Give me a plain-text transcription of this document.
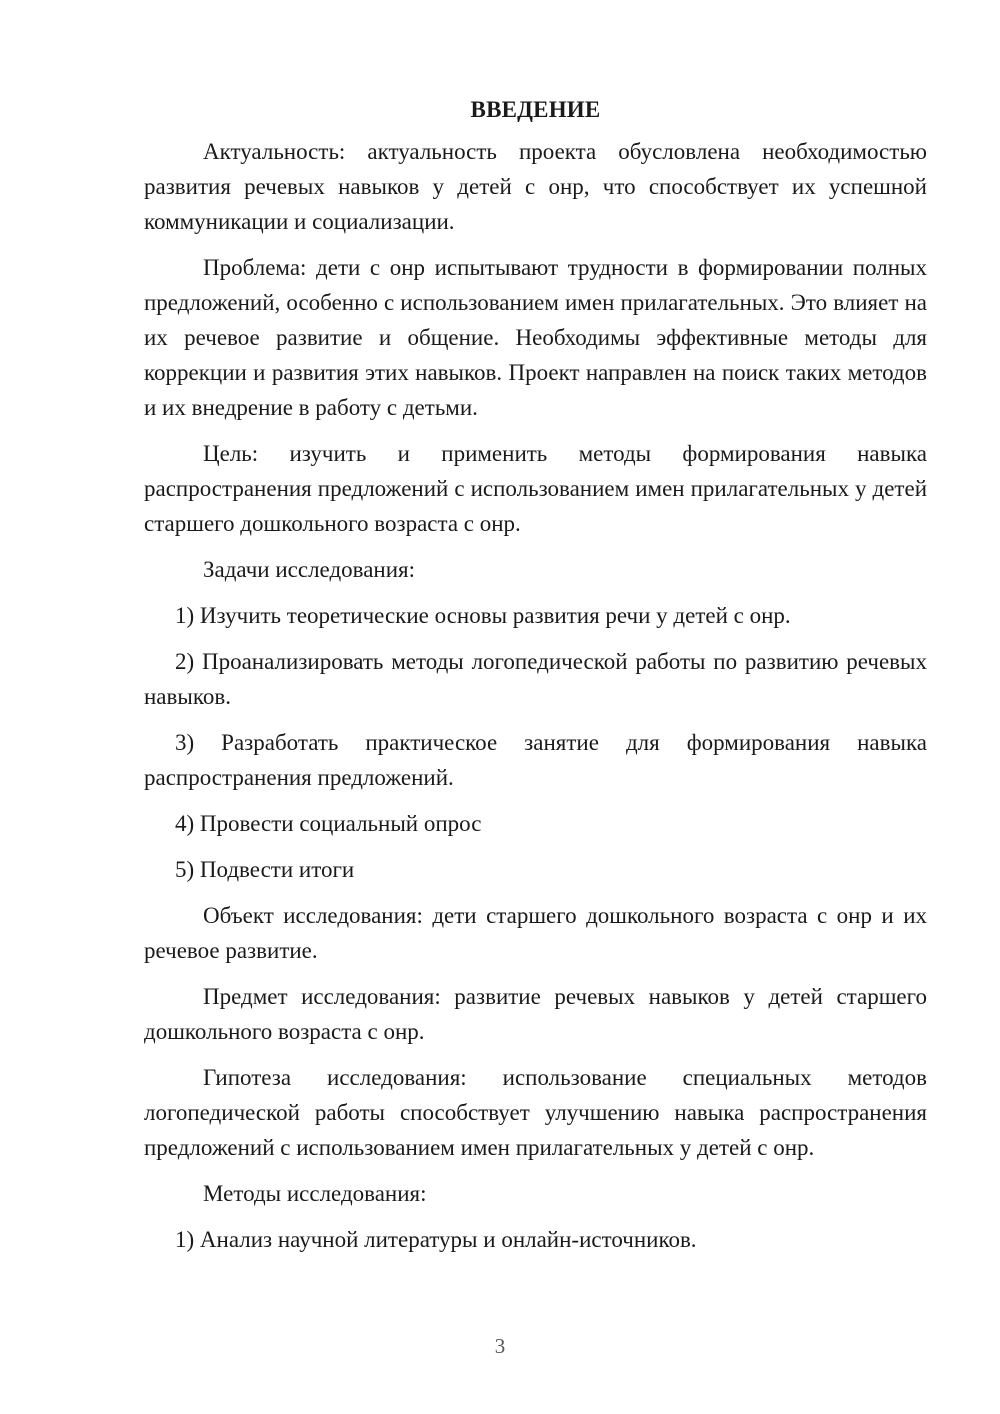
ВВЕДЕНИЕ

Актуальность: актуальность проекта обусловлена необходимостью развития речевых навыков у детей с онр, что способствует их успешной коммуникации и социализации.

Проблема: дети с онр испытывают трудности в формировании полных предложений, особенно с использованием имен прилагательных. Это влияет на их речевое развитие и общение. Необходимы эффективные методы для коррекции и развития этих навыков. Проект направлен на поиск таких методов и их внедрение в работу с детьми.

Цель: изучить и применить методы формирования навыка распространения предложений с использованием имен прилагательных у детей старшего дошкольного возраста с онр.

Задачи исследования:

1) Изучить теоретические основы развития речи у детей с онр.

2) Проанализировать методы логопедической работы по развитию речевых навыков.

3) Разработать практическое занятие для формирования навыка распространения предложений.

4) Провести социальный опрос

5) Подвести итоги

Объект исследования: дети старшего дошкольного возраста с онр и их речевое развитие.

Предмет исследования: развитие речевых навыков у детей старшего дошкольного возраста с онр.

Гипотеза исследования: использование специальных методов логопедической работы способствует улучшению навыка распространения предложений с использованием имен прилагательных у детей с онр.

Методы исследования:

1) Анализ научной литературы и онлайн-источников.

3
